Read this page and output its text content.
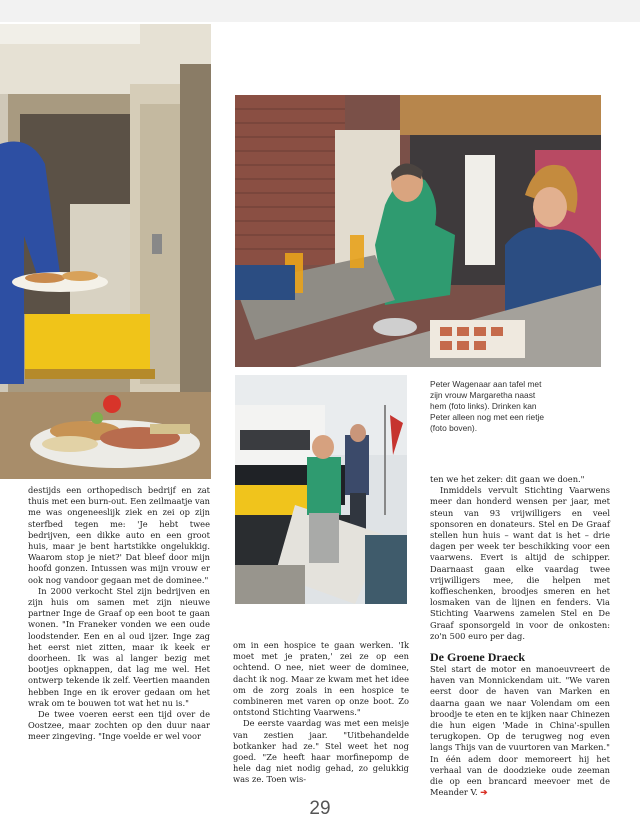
Peter Wagenaar aan tafel met zijn vrouw Margaretha naast hem (foto links). Drinken kan Peter alleen nog met een rietje (foto boven).

destijds een orthopedisch bedrijf en zat thuis met een burn-out. Een zeilmaatje van me was ongeneeslijk ziek en zei op zijn sterfbed tegen me: 'Je hebt twee bedrijven, een dikke auto en een groot huis, maar je bent hartstikke ongelukkig. Waarom stop je niet?' Dat bleef door mijn hoofd gonzen. Intussen was mijn vrouw er ook nog vandoor gegaan met de dominee."

In 2000 verkocht Stel zijn bedrijven en zijn huis om samen met zijn nieuwe partner Inge de Graaf op een boot te gaan wonen. "In Franeker vonden we een oude loodstender. Een en al oud ijzer. Inge zag het eerst niet zitten, maar ik keek er doorheen. Ik was al langer bezig met bootjes opknappen, dat lag me wel. Het ontwerp tekende ik zelf. Veertien maanden hebben Inge en ik erover gedaan om het wrak om te bouwen tot wat het nu is."

De twee voeren eerst een tijd over de Oostzee, maar zochten op den duur naar meer zingeving. "Inge voelde er wel voor

om in een hospice te gaan werken. 'Ik moet met je praten,' zei ze op een ochtend. O nee, niet weer de dominee, dacht ik nog. Maar ze kwam met het idee om de zorg zoals in een hospice te combineren met varen op onze boot. Zo ontstond Stichting Vaarwens."

De eerste vaardag was met een meisje van zestien jaar. "Uitbehandelde botkanker had ze." Stel weet het nog goed. "Ze heeft haar morfinepomp de hele dag niet nodig gehad, zo gelukkig was ze. Toen wis-

ten we het zeker: dit gaan we doen."

Inmiddels vervult Stichting Vaarwens meer dan honderd wensen per jaar, met steun van 93 vrijwilligers en veel sponsoren en donateurs. Stel en De Graaf stellen hun huis – want dat is het – drie dagen per week ter beschikking voor een vaarwens. Evert is altijd de schipper. Daarnaast gaan elke vaardag twee vrijwilligers mee, die helpen met koffieschenken, broodjes smeren en het losmaken van de lijnen en fenders. Via Stichting Vaarwens zamelen Stel en De Graaf sponsorgeld in voor de onkosten: zo'n 500 euro per dag.

De Groene Draeck

Stel start de motor en manoeuvreert de haven van Monnickendam uit. "We varen eerst door de haven van Marken en daarna gaan we naar Volendam om een broodje te eten en te kijken naar Chinezen die hun eigen 'Made in China'-spullen terugkopen. Op de terugweg nog even langs Thijs van de vuurtoren van Marken." In één adem door memoreert hij het verhaal van de doodzieke oude zeeman die op een brancard meevoer met de Meander V. ➔

29
